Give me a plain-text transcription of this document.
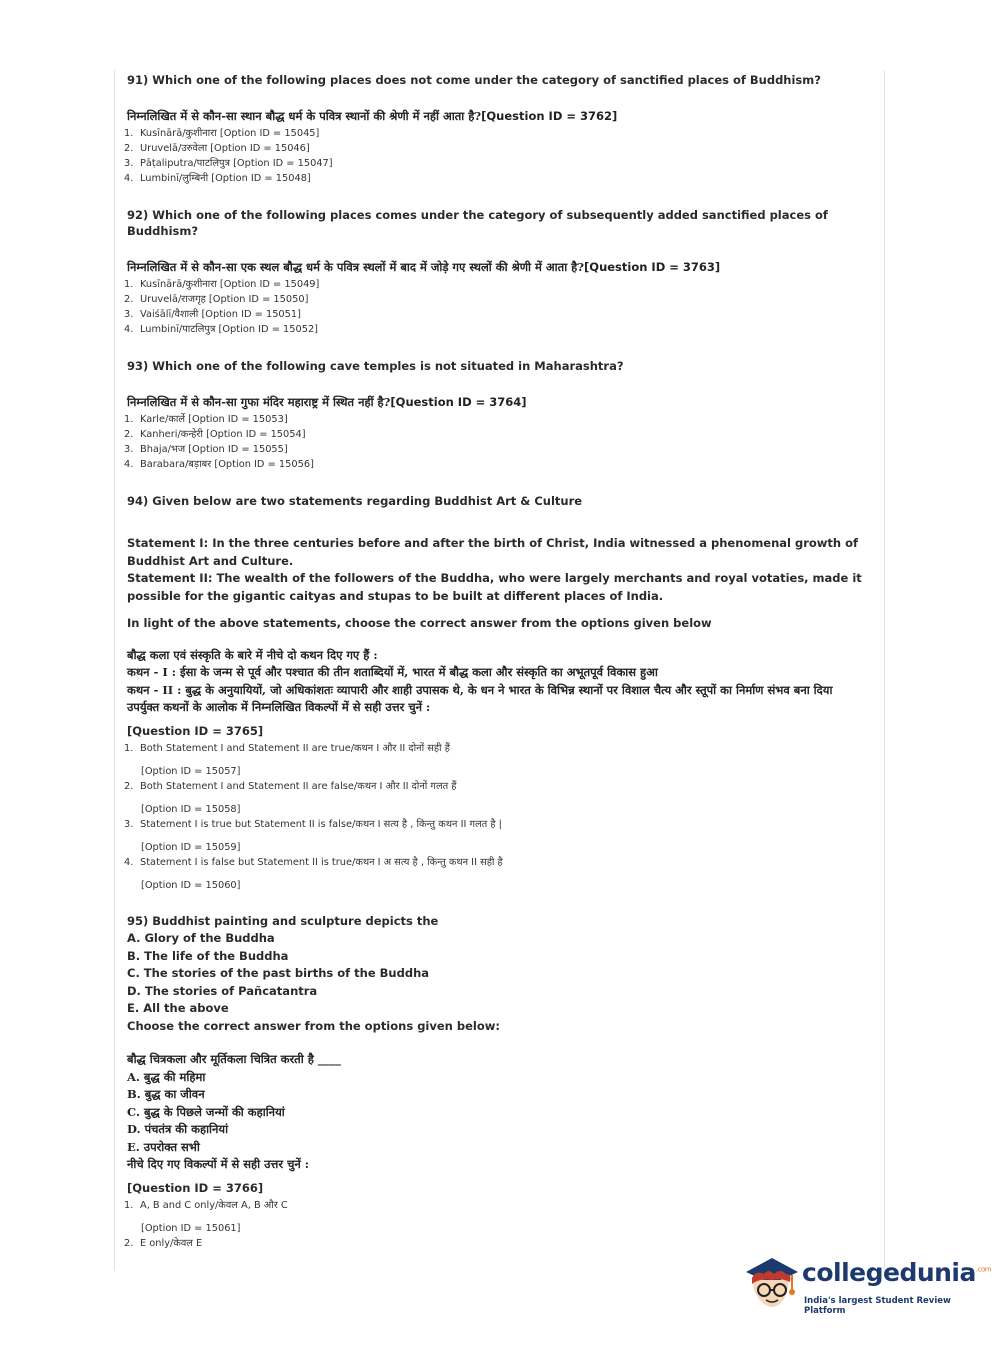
91) Which one of the following places does not come under the category of sanctified places of Buddhism?

निम्नलिखित में से कौन-सा स्थान बौद्ध धर्म के पवित्र स्थानों की श्रेणी में नहीं आता है?[Question ID = 3762]

1. Kusīnārā/कुशीनारा [Option ID = 15045]
2. Uruvelā/उरुवेला [Option ID = 15046]
3. Pāṭaliputra/पाटलिपुत्र [Option ID = 15047]
4. Lumbinī/लुम्बिनी [Option ID = 15048]

92) Which one of the following places comes under the category of subsequently added sanctified places of Buddhism?

निम्नलिखित में से कौन-सा एक स्थल बौद्ध धर्म के पवित्र स्थलों में बाद में जोड़े गए स्थलों की श्रेणी में आता है?[Question ID = 3763]

1. Kusīnārā/कुशीनारा [Option ID = 15049]
2. Uruvelā/राजगृह [Option ID = 15050]
3. Vaiśālī/वैशाली [Option ID = 15051]
4. Lumbinī/पाटलिपुत्र [Option ID = 15052]

93) Which one of the following cave temples is not situated in Maharashtra?

निम्नलिखित में से कौन-सा गुफा मंदिर महाराष्ट्र में स्थित नहीं है?[Question ID = 3764]

1. Karle/कार्ले [Option ID = 15053]
2. Kanheri/कन्हेरी [Option ID = 15054]
3. Bhaja/भज [Option ID = 15055]
4. Barabara/बड़ाबर [Option ID = 15056]

94) Given below are two statements regarding Buddhist Art & Culture

Statement I: In the three centuries before and after the birth of Christ, India witnessed a phenomenal growth of Buddhist Art and Culture.

Statement II: The wealth of the followers of the Buddha, who were largely merchants and royal votaties, made it possible for the gigantic caityas and stupas to be built at different places of India.

In light of the above statements, choose the correct answer from the options given below

बौद्ध कला एवं संस्कृति के बारे में नीचे दो कथन दिए गए हैं :

कथन - I : ईसा के जन्म से पूर्व और पश्चात की तीन शताब्दियों में, भारत में बौद्ध कला और संस्कृति का अभूतपूर्व विकास हुआ

कथन - II : बुद्ध के अनुयायियों, जो अधिकांशतः व्यापारी और शाही उपासक थे, के धन ने भारत के विभिन्न स्थानों पर विशाल चैत्य और स्तूपों का निर्माण संभव बना दिया

उपर्युक्त कथनों के आलोक में निम्नलिखित विकल्पों में से सही उत्तर चुनें :

[Question ID = 3765]

1. Both Statement I and Statement II are true/कथन I और II दोनों सही हैं
[Option ID = 15057]
2. Both Statement I and Statement II are false/कथन I और II दोनों गलत हैं
[Option ID = 15058]
3. Statement I is true but Statement II is false/कथन I सत्य है , किन्तु कथन II गलत है |
[Option ID = 15059]
4. Statement I is false but Statement II is true/कथन I अ सत्य है , किन्तु कथन II सही है
[Option ID = 15060]

95) Buddhist painting and sculpture depicts the

A. Glory of the Buddha

B. The life of the Buddha

C. The stories of the past births of the Buddha

D. The stories of Pañcatantra

E. All the above

Choose the correct answer from the options given below:

बौद्ध चित्रकला और मूर्तिकला चित्रित करती है ____

A. बुद्ध की महिमा

B. बुद्ध का जीवन

C. बुद्ध के पिछले जन्मों की कहानियां

D. पंचतंत्र की कहानियां

E. उपरोक्त सभी

नीचे दिए गए विकल्पों में से सही उत्तर चुनें :

[Question ID = 3766]

1. A, B and C only/केवल A, B और C
[Option ID = 15061]
2. E only/केवल E
collegedunia$^{.com}$
India's largest Student Review Platform
